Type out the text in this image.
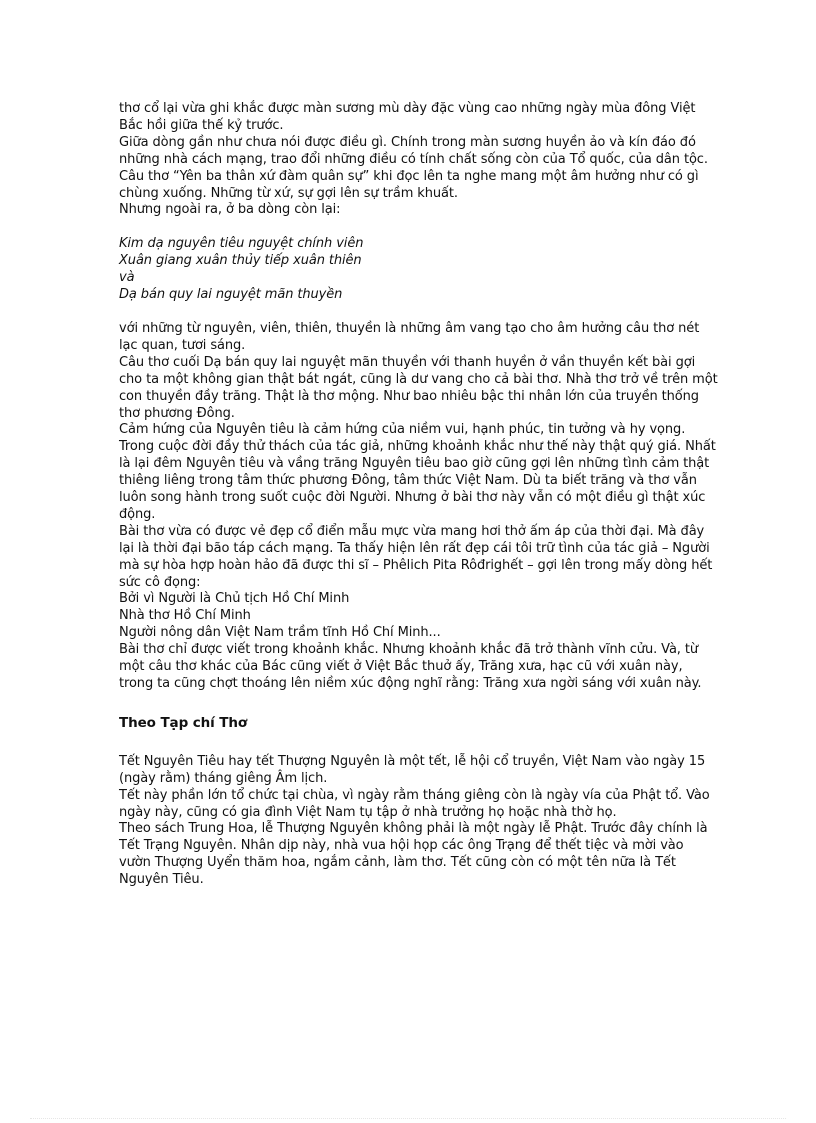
thơ cổ lại vừa ghi khắc được màn sương mù dày đặc vùng cao những ngày mùa đông Việt Bắc hồi giữa thế kỷ trước.

Giữa dòng gần như chưa nói được điều gì. Chính trong màn sương huyền ảo và kín đáo đó những nhà cách mạng, trao đổi những điều có tính chất sống còn của Tổ quốc, của dân tộc. Câu thơ “Yên ba thân xứ đàm quân sự” khi đọc lên ta nghe mang một âm hưởng như có gì chùng xuống. Những từ xứ, sự gợi lên sự trầm khuất.

Nhưng ngoài ra, ở ba dòng còn lại:

Kim dạ nguyên tiêu nguyệt chính viên

Xuân giang xuân thủy tiếp xuân thiên

và

Dạ bán quy lai nguyệt mãn thuyền

với những từ nguyên, viên, thiên, thuyền là những âm vang tạo cho âm hưởng câu thơ nét lạc quan, tươi sáng.

Câu thơ cuối Dạ bán quy lai nguyệt mãn thuyền với thanh huyền ở vần thuyền kết bài gợi cho ta một không gian thật bát ngát, cũng là dư vang cho cả bài thơ. Nhà thơ trở về trên một con thuyền đầy trăng. Thật là thơ mộng. Như bao nhiêu bậc thi nhân lớn của truyền thống thơ phương Đông.

Cảm hứng của Nguyên tiêu là cảm hứng của niềm vui, hạnh phúc, tin tưởng và hy vọng. Trong cuộc đời đầy thử thách của tác giả, những khoảnh khắc như thế này thật quý giá. Nhất là lại đêm Nguyên tiêu và vầng trăng Nguyên tiêu bao giờ cũng gợi lên những tình cảm thật thiêng liêng trong tâm thức phương Đông, tâm thức Việt Nam. Dù ta biết trăng và thơ vẫn luôn song hành trong suốt cuộc đời Người. Nhưng ở bài thơ này vẫn có một điều gì thật xúc động.

Bài thơ vừa có được vẻ đẹp cổ điển mẫu mực vừa mang hơi thở ấm áp của thời đại. Mà đây lại là thời đại bão táp cách mạng. Ta thấy hiện lên rất đẹp cái tôi trữ tình của tác giả – Người mà sự hòa hợp hoàn hảo đã được thi sĩ – Phêlich Pita Rôđrighết – gợi lên trong mấy dòng hết sức cô đọng:

Bởi vì Người là Chủ tịch Hồ Chí Minh

Nhà thơ Hồ Chí Minh

Người nông dân Việt Nam trầm tĩnh Hồ Chí Minh...

Bài thơ chỉ được viết trong khoảnh khắc. Nhưng khoảnh khắc đã trở thành vĩnh cửu. Và, từ một câu thơ khác của Bác cũng viết ở Việt Bắc thuở ấy, Trăng xưa, hạc cũ với xuân này, trong ta cũng chợt thoáng lên niềm xúc động nghĩ rằng: Trăng xưa ngời sáng với xuân này.

Theo Tạp chí Thơ

Tết Nguyên Tiêu hay tết Thượng Nguyên là một tết, lễ hội cổ truyền, Việt Nam vào ngày 15 (ngày rằm) tháng giêng Âm lịch.

Tết này phần lớn tổ chức tại chùa, vì ngày rằm tháng giêng còn là ngày vía của Phật tổ. Vào ngày này, cũng có gia đình Việt Nam tụ tập ở nhà trưởng họ hoặc nhà thờ họ.

Theo sách Trung Hoa, lễ Thượng Nguyên không phải là một ngày lễ Phật. Trước đây chính là Tết Trạng Nguyên. Nhân dịp này, nhà vua hội họp các ông Trạng để thết tiệc và mời vào vườn Thượng Uyển thăm hoa, ngắm cảnh, làm thơ. Tết cũng còn có một tên nữa là Tết Nguyên Tiêu.
